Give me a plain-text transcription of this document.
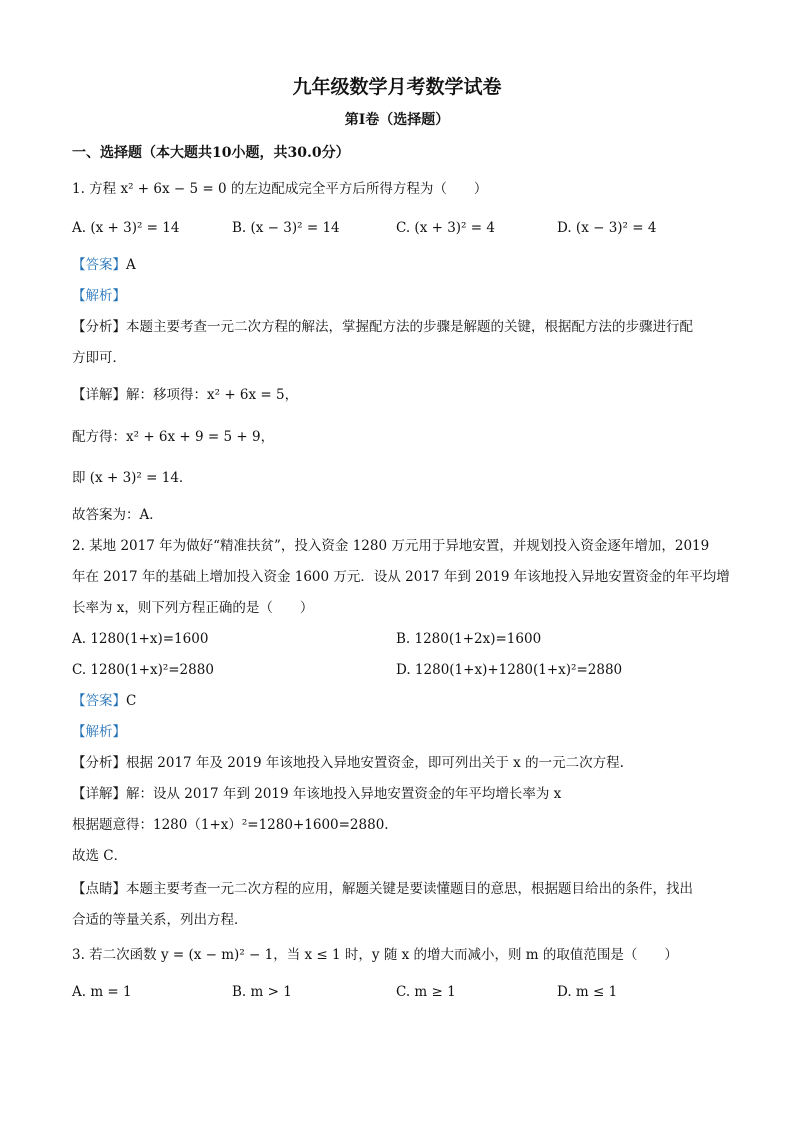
九年级数学月考数学试卷
第I卷（选择题）
一、选择题（本大题共10小题，共30.0分）
1. 方程 x² + 6x − 5 = 0 的左边配成完全平方后所得方程为（　　）
A. (x + 3)² = 14	B. (x − 3)² = 14	C. (x + 3)² = 4	D. (x − 3)² = 4
【答案】A
【解析】
【分析】本题主要考查一元二次方程的解法，掌握配方法的步骤是解题的关键，根据配方法的步骤进行配
方即可．
【详解】解：移项得：x² + 6x = 5，
配方得：x² + 6x + 9 = 5 + 9，
即 (x + 3)² = 14．
故答案为：A．
2. 某地 2017 年为做好“精准扶贫”，投入资金 1280 万元用于异地安置，并规划投入资金逐年增加，2019
年在 2017 年的基础上增加投入资金 1600 万元．设从 2017 年到 2019 年该地投入异地安置资金的年平均增
长率为 x，则下列方程正确的是（　　）
A. 1280(1+x)=1600	B. 1280(1+2x)=1600
C. 1280(1+x)²=2880	D. 1280(1+x)+1280(1+x)²=2880
【答案】C
【解析】
【分析】根据 2017 年及 2019 年该地投入异地安置资金，即可列出关于 x 的一元二次方程.
【详解】解：设从 2017 年到 2019 年该地投入异地安置资金的年平均增长率为 x
根据题意得：1280（1+x）²=1280+1600=2880.
故选 C．
【点睛】本题主要考查一元二次方程的应用，解题关键是要读懂题目的意思，根据题目给出的条件，找出
合适的等量关系，列出方程．
3. 若二次函数 y = (x − m)² − 1，当 x ≤ 1 时，y 随 x 的增大而减小，则 m 的取值范围是（　　）
A. m = 1	B. m > 1	C. m ≥ 1	D. m ≤ 1
